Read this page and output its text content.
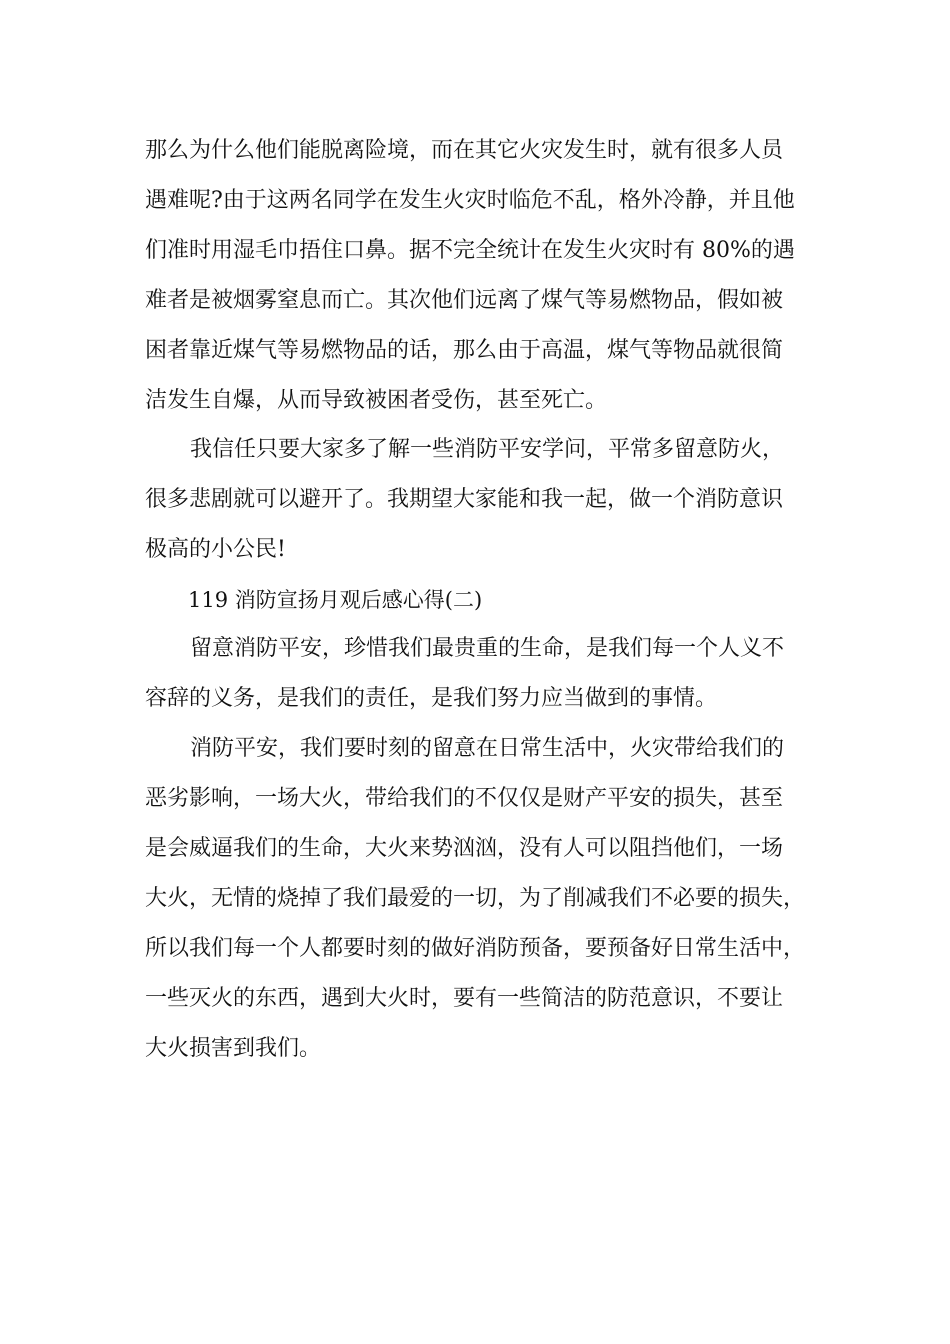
那么为什么他们能脱离险境，而在其它火灾发生时，就有很多人员
遇难呢?由于这两名同学在发生火灾时临危不乱，格外冷静，并且他
们准时用湿毛巾捂住口鼻。据不完全统计在发生火灾时有 80%的遇
难者是被烟雾窒息而亡。其次他们远离了煤气等易燃物品，假如被
困者靠近煤气等易燃物品的话，那么由于高温，煤气等物品就很简
洁发生自爆，从而导致被困者受伤，甚至死亡。
我信任只要大家多了解一些消防平安学问，平常多留意防火，
很多悲剧就可以避开了。我期望大家能和我一起，做一个消防意识
极高的小公民!
119 消防宣扬月观后感心得(二)
留意消防平安，珍惜我们最贵重的生命，是我们每一个人义不
容辞的义务，是我们的责任，是我们努力应当做到的事情。
消防平安，我们要时刻的留意在日常生活中，火灾带给我们的
恶劣影响，一场大火，带给我们的不仅仅是财产平安的损失，甚至
是会威逼我们的生命，大火来势汹汹，没有人可以阻挡他们，一场
大火，无情的烧掉了我们最爱的一切，为了削减我们不必要的损失，
所以我们每一个人都要时刻的做好消防预备，要预备好日常生活中，
一些灭火的东西，遇到大火时，要有一些简洁的防范意识，不要让
大火损害到我们。
